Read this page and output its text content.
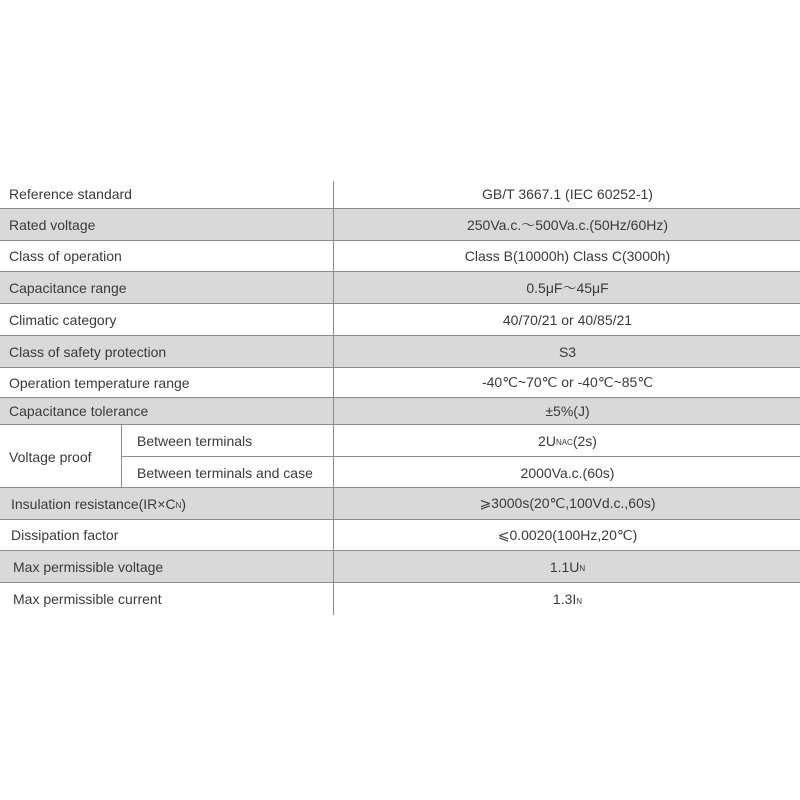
Reference standard	GB/T 3667.1 (IEC 60252-1)
Rated voltage	250Va.c.～500Va.c.(50Hz/60Hz)
Class of operation	Class B(10000h) Class C(3000h)
Capacitance range	0.5μF～45μF
Climatic category	40/70/21 or 40/85/21
Class of safety protection	S3
Operation temperature range	-40℃~70℃ or -40℃~85℃
Capacitance tolerance	±5%(J)
Voltage proof
Between terminals	$2U_{NAC}$ (2s)
Between terminals and case	2000Va.c.(60s)
Insulation $resistance(IR\times C_N$ )	⩾3000s(20℃,100Vd.c.,60s)
Dissipation factor	⩽0.0020(100Hz,20℃)
Max permissible voltage	$1.1U_N$
Max permissible current	$1.3I_N$
